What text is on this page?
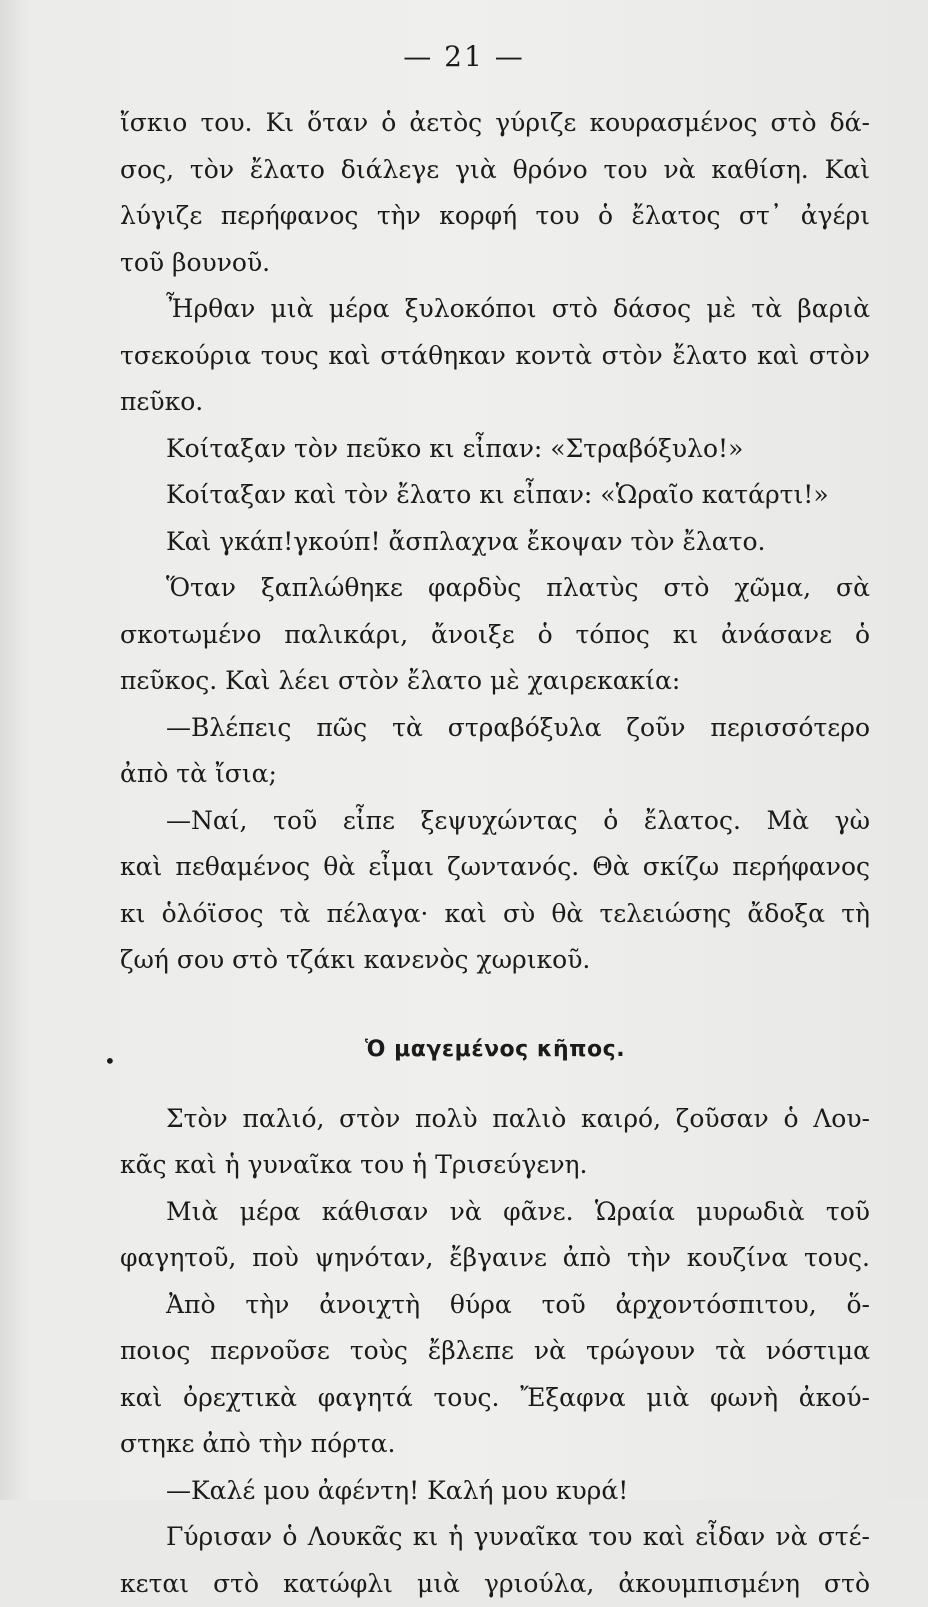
— 21 —
ἴσκιο του. Κι ὅταν ὁ ἀετὸς γύριζε κουρασμένος στὸ δά-
σος, τὸν ἔλατο διάλεγε γιὰ θρόνο του νὰ καθίση. Καὶ
λύγιζε περήφανος τὴν κορφή του ὁ ἔλατος στ᾽ ἀγέρι
τοῦ βουνοῦ.
Ἦρθαν μιὰ μέρα ξυλοκόποι στὸ δάσος μὲ τὰ βαριὰ
τσεκούρια τους καὶ στάθηκαν κοντὰ στὸν ἔλατο καὶ στὸν
πεῦκο.
Κοίταξαν τὸν πεῦκο κι εἶπαν: «Στραβόξυλο!»
Κοίταξαν καὶ τὸν ἔλατο κι εἶπαν: «Ὡραῖο κατάρτι!»
Καὶ γκάπ!γκούπ! ἄσπλαχνα ἔκοψαν τὸν ἔλατο.
Ὅταν ξαπλώθηκε φαρδὺς πλατὺς στὸ χῶμα, σὰ
σκοτωμένο παλικάρι, ἄνοιξε ὁ τόπος κι ἀνάσανε ὁ
πεῦκος. Καὶ λέει στὸν ἔλατο μὲ χαιρεκακία:
—Βλέπεις πῶς τὰ στραβόξυλα ζοῦν περισσότερο
ἀπὸ τὰ ἴσια;
—Ναί, τοῦ εἶπε ξεψυχώντας ὁ ἔλατος. Μὰ γὼ
καὶ πεθαμένος θὰ εἶμαι ζωντανός. Θὰ σκίζω περήφανος
κι ὁλόϊσος τὰ πέλαγα· καὶ σὺ θὰ τελειώσης ἄδοξα τὴ
ζωή σου στὸ τζάκι κανενὸς χωρικοῦ.
Ὁ μαγεμένος κῆπος.
Στὸν παλιό, στὸν πολὺ παλιὸ καιρό, ζοῦσαν ὁ Λου-
κᾶς καὶ ἡ γυναῖκα του ἡ Τρισεύγενη.
Μιὰ μέρα κάθισαν νὰ φᾶνε. Ὡραία μυρωδιὰ τοῦ
φαγητοῦ, ποὺ ψηνόταν, ἔβγαινε ἀπὸ τὴν κουζίνα τους.
Ἀπὸ τὴν ἀνοιχτὴ θύρα τοῦ ἀρχοντόσπιτου, ὅ-
ποιος περνοῦσε τοὺς ἔβλεπε νὰ τρώγουν τὰ νόστιμα
καὶ ὀρεχτικὰ φαγητά τους. Ἔξαφνα μιὰ φωνὴ ἀκού-
στηκε ἀπὸ τὴν πόρτα.
—Καλέ μου ἀφέντη! Καλή μου κυρά!
Γύρισαν ὁ Λουκᾶς κι ἡ γυναῖκα του καὶ εἶδαν νὰ στέ-
κεται στὸ κατώφλι μιὰ γριούλα, ἀκουμπισμένη στὸ
•
